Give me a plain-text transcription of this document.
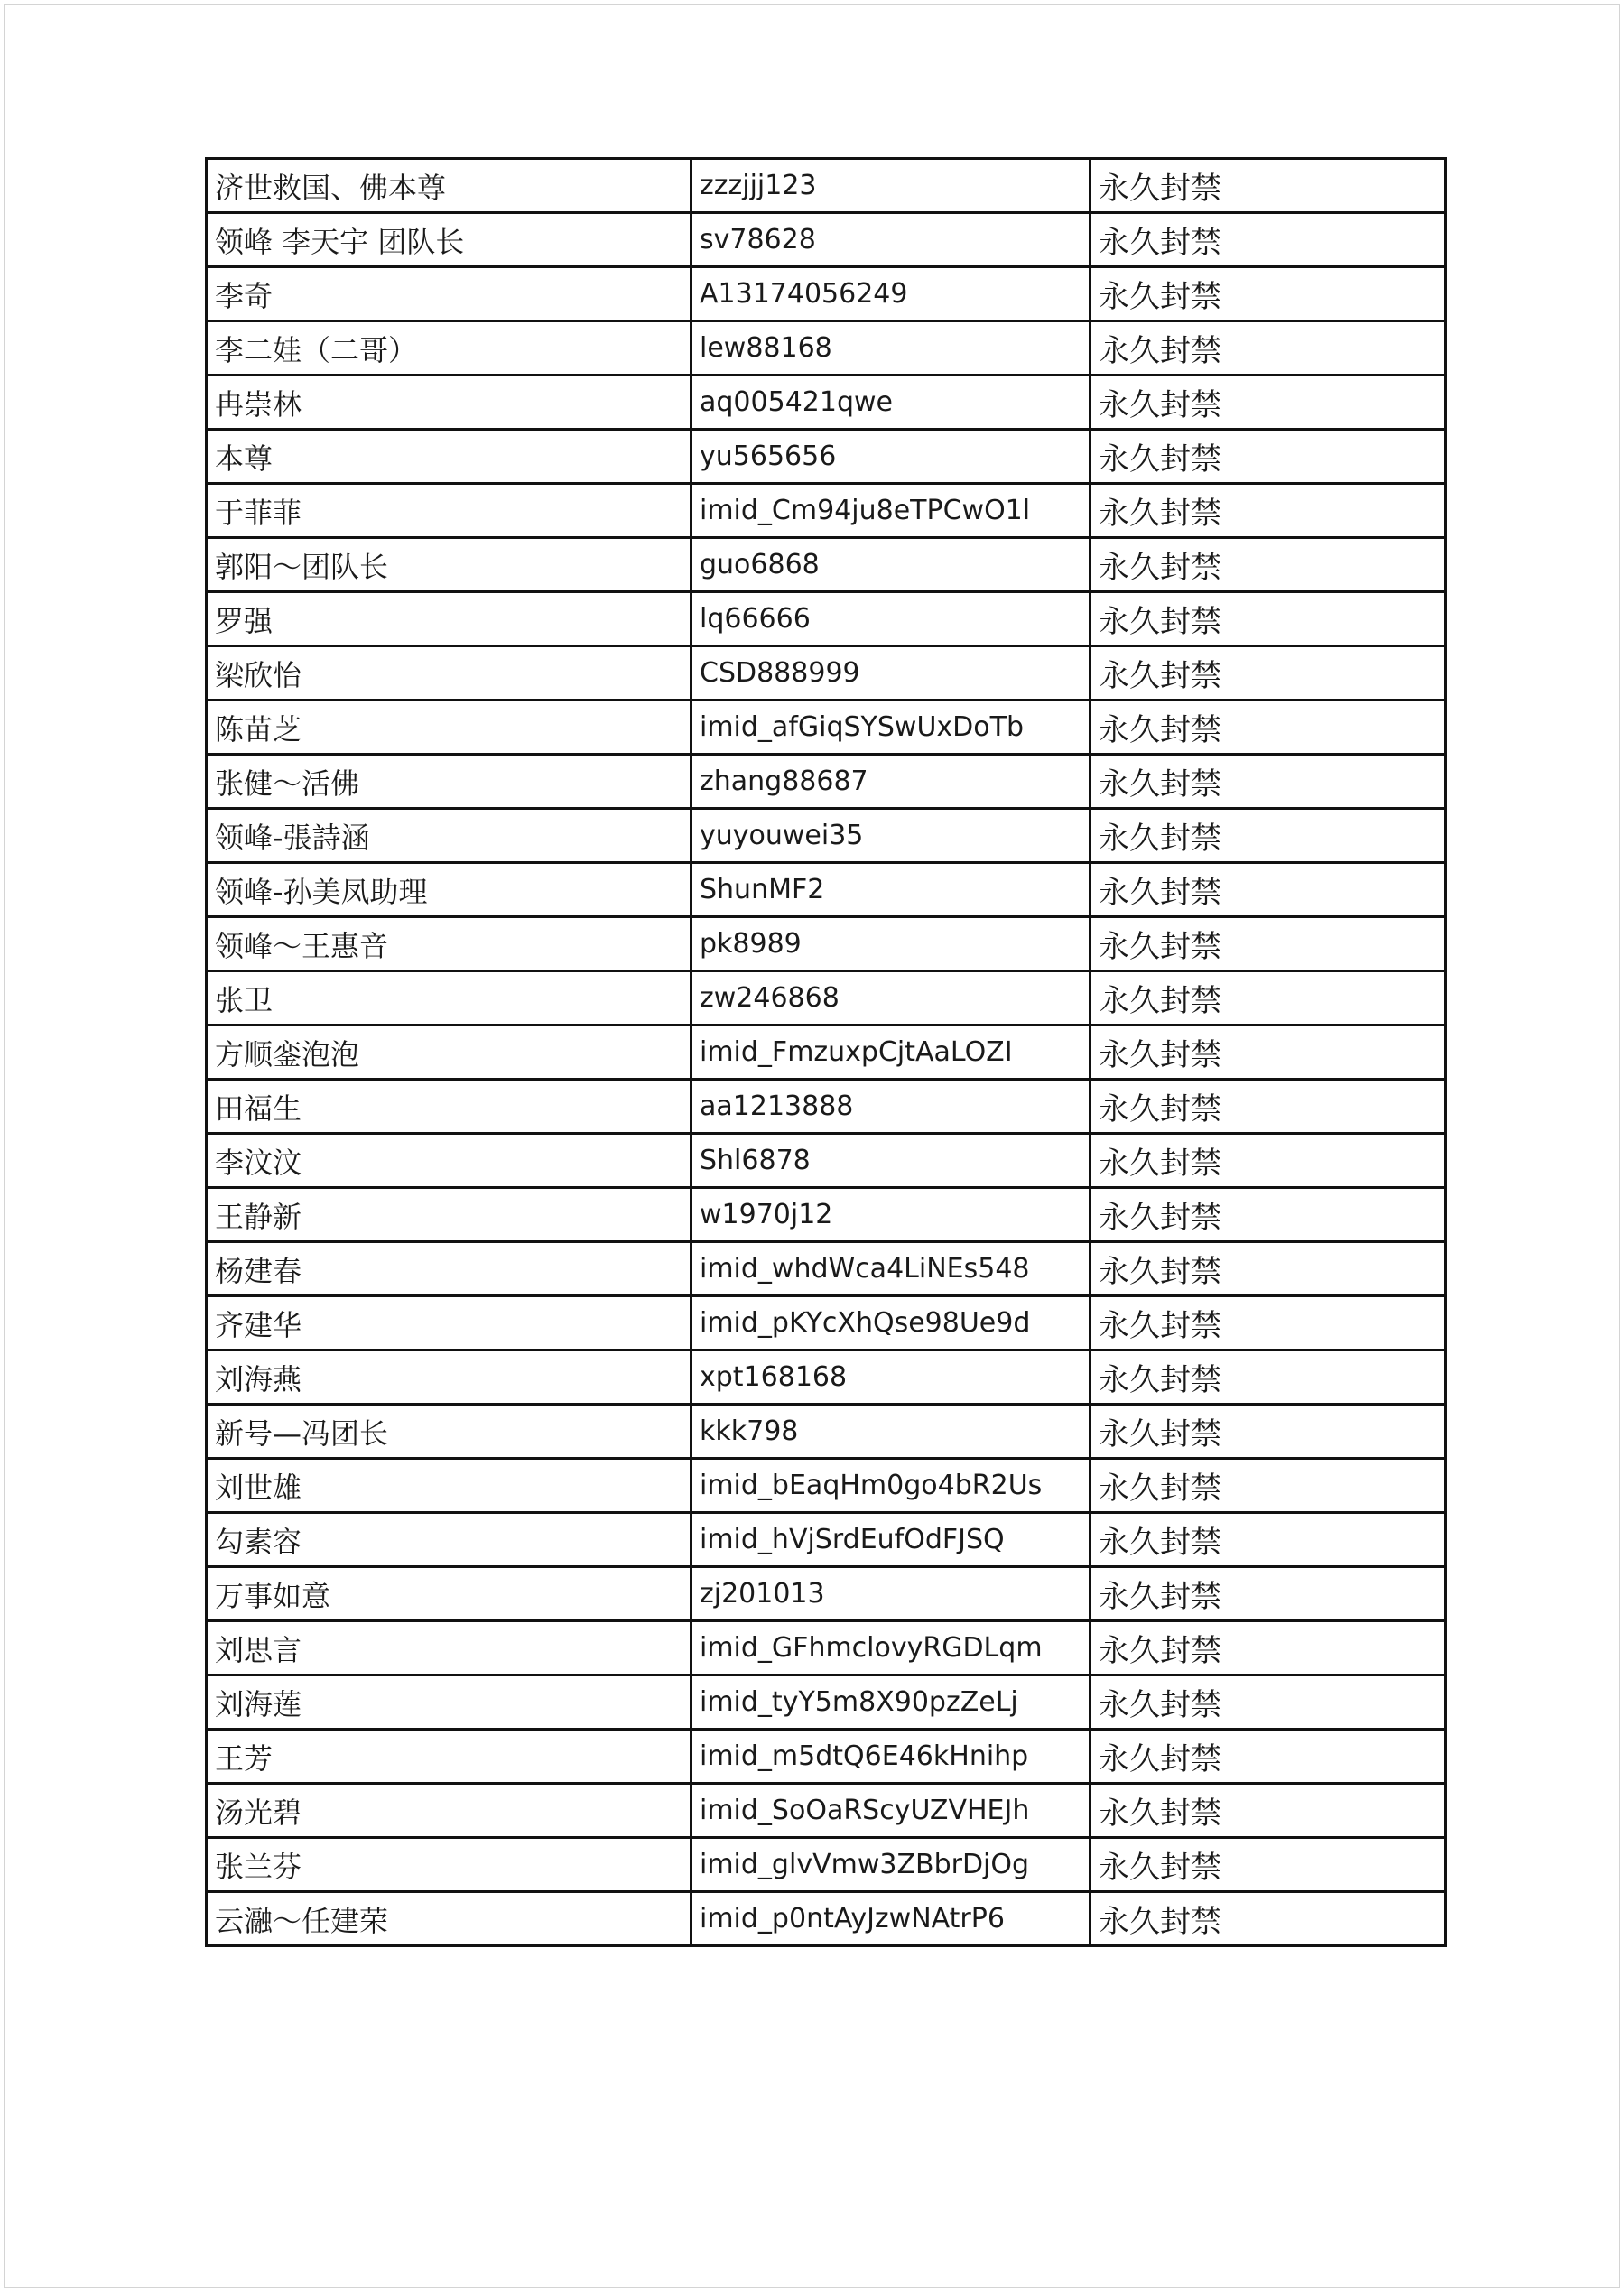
济世救国、佛本尊	zzzjjj123	永久封禁
领峰 李天宇 团队长	sv78628	永久封禁
李奇	A13174056249	永久封禁
李二娃（二哥）	lew88168	永久封禁
冉崇林	aq005421qwe	永久封禁
本尊	yu565656	永久封禁
于菲菲	imid_Cm94ju8eTPCwO1l	永久封禁
郭阳～团队长	guo6868	永久封禁
罗强	lq66666	永久封禁
梁欣怡	CSD888999	永久封禁
陈苗芝	imid_afGiqSYSwUxDoTb	永久封禁
张健～活佛	zhang88687	永久封禁
领峰-張詩涵	yuyouwei35	永久封禁
领峰-孙美凤助理	ShunMF2	永久封禁
领峰～王惠音	pk8989	永久封禁
张卫	zw246868	永久封禁
方顺銮泡泡	imid_FmzuxpCjtAaLOZI	永久封禁
田福生	aa1213888	永久封禁
李汶汶	Shl6878	永久封禁
王静新	w1970j12	永久封禁
杨建春	imid_whdWca4LiNEs548	永久封禁
齐建华	imid_pKYcXhQse98Ue9d	永久封禁
刘海燕	xpt168168	永久封禁
新号—冯团长	kkk798	永久封禁
刘世雄	imid_bEaqHm0go4bR2Us	永久封禁
勾素容	imid_hVjSrdEufOdFJSQ	永久封禁
万事如意	zj201013	永久封禁
刘思言	imid_GFhmclovyRGDLqm	永久封禁
刘海莲	imid_tyY5m8X90pzZeLj	永久封禁
王芳	imid_m5dtQ6E46kHnihp	永久封禁
汤光碧	imid_SoOaRScyUZVHEJh	永久封禁
张兰芬	imid_glvVmw3ZBbrDjOg	永久封禁
云瀜～任建荣	imid_p0ntAyJzwNAtrP6	永久封禁
